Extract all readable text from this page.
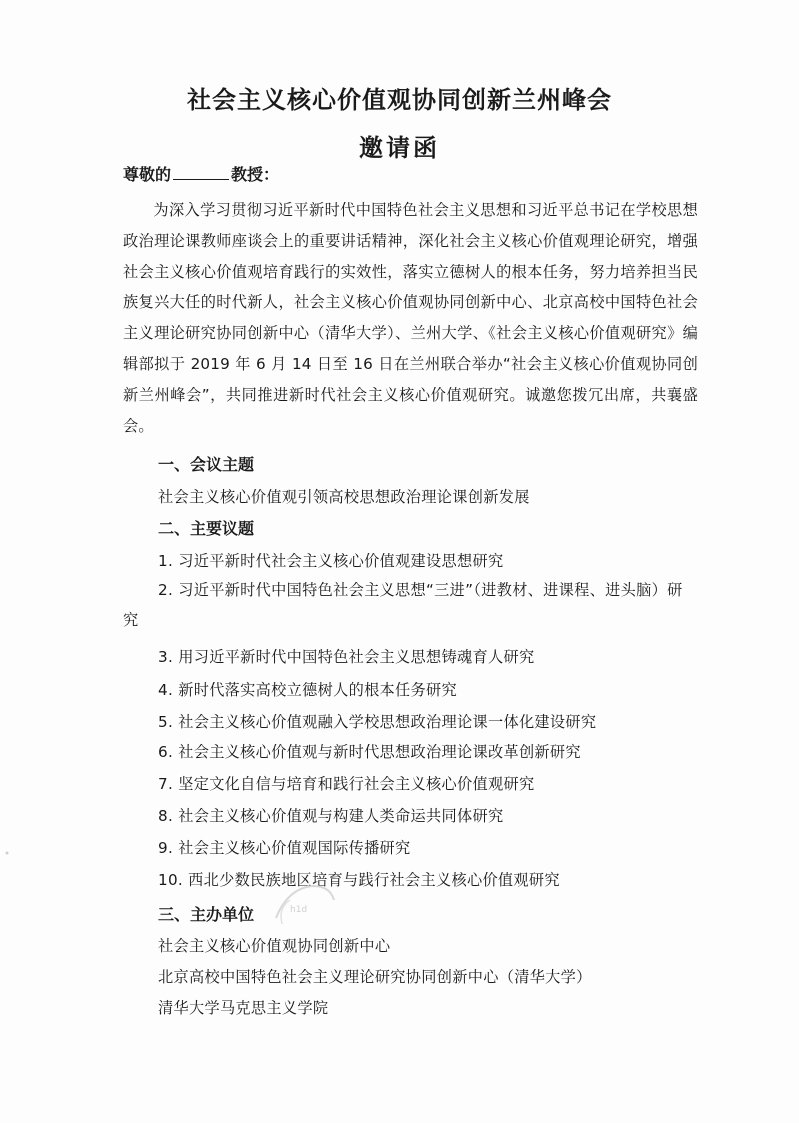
社会主义核心价值观协同创新兰州峰会
邀请函

尊敬的	教授：

为深入学习贯彻习近平新时代中国特色社会主义思想和习近平总书记在学校思想政治理论课教师座谈会上的重要讲话精神，深化社会主义核心价值观理论研究，增强社会主义核心价值观培育践行的实效性，落实立德树人的根本任务，努力培养担当民族复兴大任的时代新人，社会主义核心价值观协同创新中心、北京高校中国特色社会主义理论研究协同创新中心（清华大学）、兰州大学、《社会主义核心价值观研究》编辑部拟于 2019 年 6 月 14 日至 16 日在兰州联合举办“社会主义核心价值观协同创新兰州峰会”，共同推进新时代社会主义核心价值观研究。诚邀您拨冗出席，共襄盛会。

一、会议主题

社会主义核心价值观引领高校思想政治理论课创新发展

二、主要议题

1. 习近平新时代社会主义核心价值观建设思想研究

2. 习近平新时代中国特色社会主义思想“三进”（进教材、进课程、进头脑）研究

3. 用习近平新时代中国特色社会主义思想铸魂育人研究

4. 新时代落实高校立德树人的根本任务研究

5. 社会主义核心价值观融入学校思想政治理论课一体化建设研究

6. 社会主义核心价值观与新时代思想政治理论课改革创新研究

7. 坚定文化自信与培育和践行社会主义核心价值观研究

8. 社会主义核心价值观与构建人类命运共同体研究

9. 社会主义核心价值观国际传播研究

10. 西北少数民族地区培育与践行社会主义核心价值观研究

三、主办单位

社会主义核心价值观协同创新中心

北京高校中国特色社会主义理论研究协同创新中心（清华大学）

清华大学马克思主义学院

h1d
